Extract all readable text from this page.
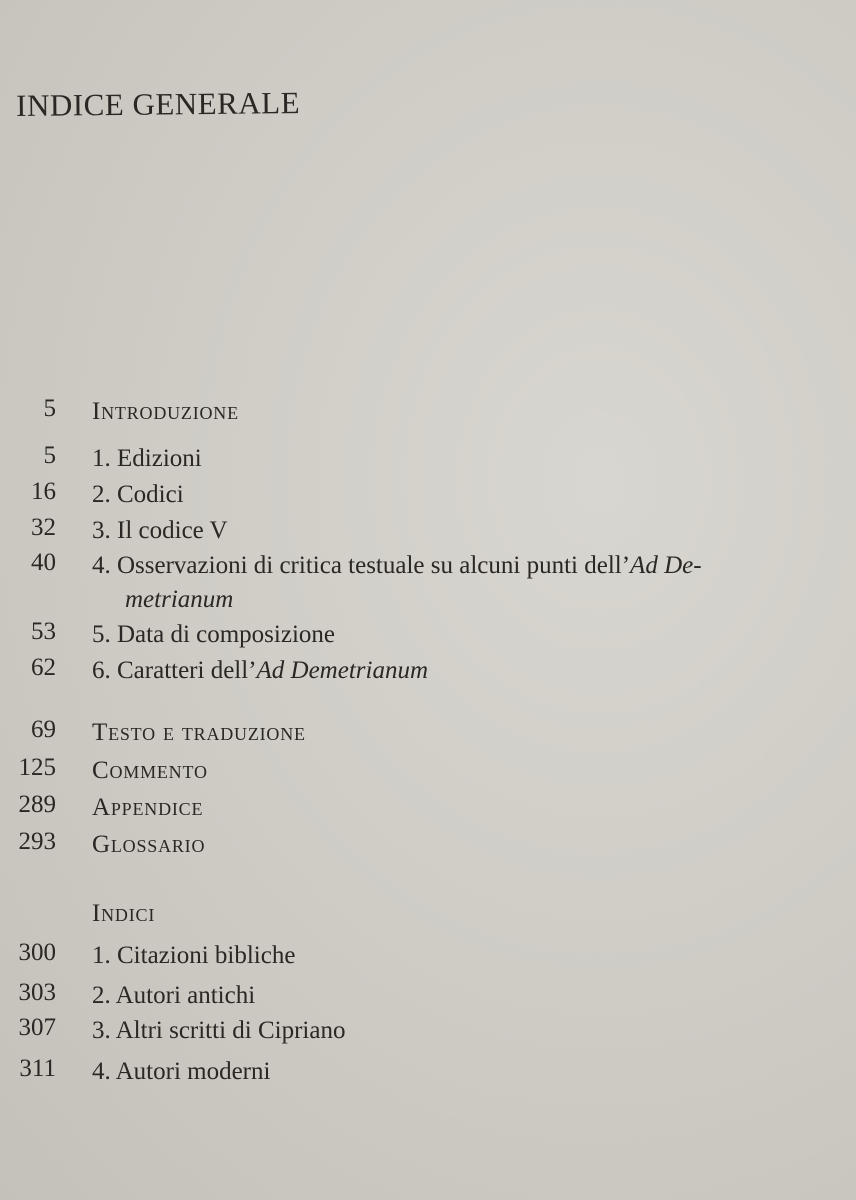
INDICE GENERALE
5 Introduzione
5 1. Edizioni
16 2. Codici
32 3. Il codice V
40 4. Osservazioni di critica testuale su alcuni punti dell’Ad De-
metrianum
53 5. Data di composizione
62 6. Caratteri dell’Ad Demetrianum
69 Testo e traduzione
125 Commento
289 Appendice
293 Glossario
Indici
300 1. Citazioni bibliche
303 2. Autori antichi
307 3. Altri scritti di Cipriano
311 4. Autori moderni
